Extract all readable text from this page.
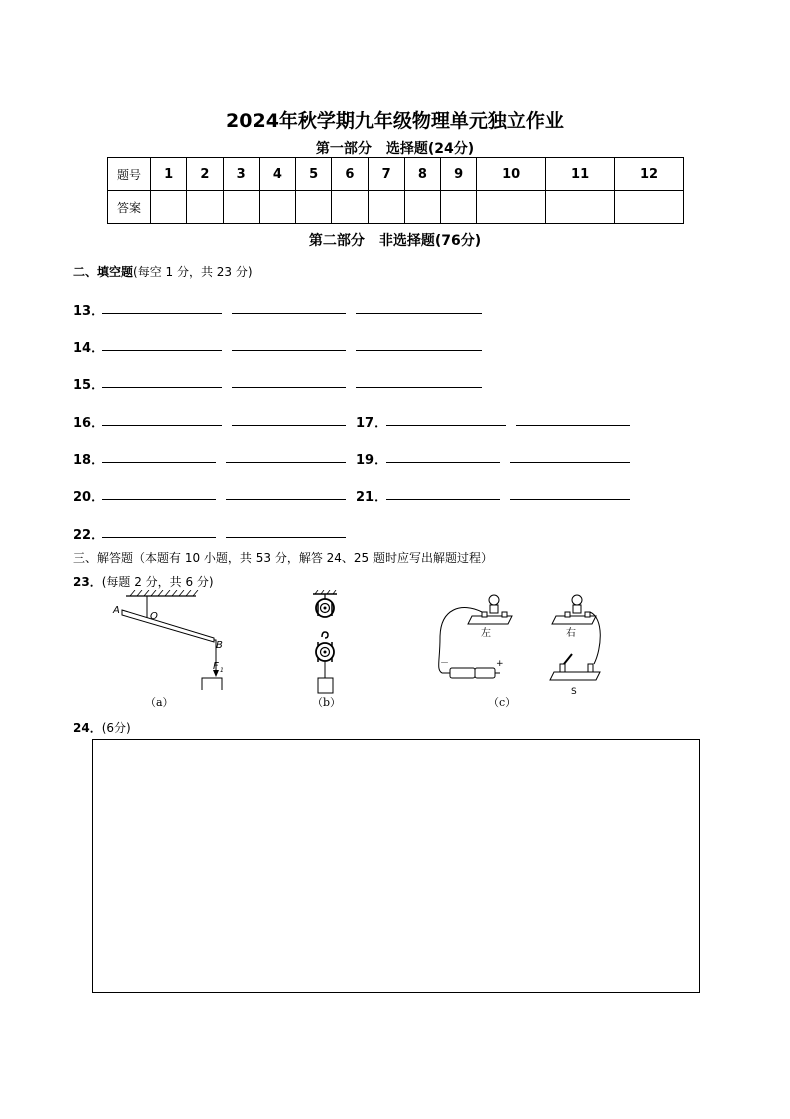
2024年秋学期九年级物理单元独立作业
第一部分　选择题(24分)
题号	1	2	3	4	5	6	7	8	9	10	11	12
答案												
第二部分　非选择题(76分)
二、填空题(每空 1 分，共 23 分)
13．
14．
15．
16．	17．
18．	19．
20．	21．
22．
三、解答题（本题有 10 小题，共 53 分，解答 24、25 题时应写出解题过程）
23．(每题 2 分，共 6 分)
A
O
B
F 1
（a）	（b）
左	右
－	+
S
（c）
24．(6分)
